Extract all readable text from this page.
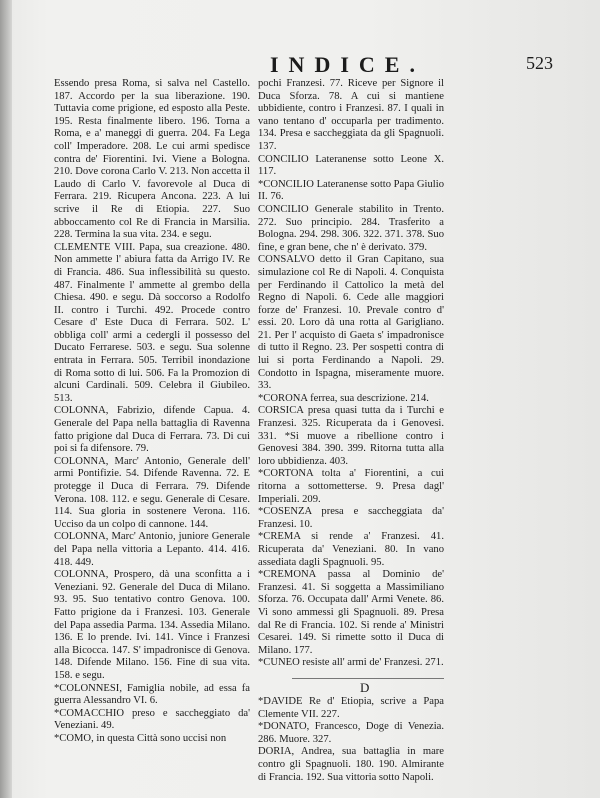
INDICE.	523

Essendo presa Roma, si salva nel Castello. 187. Accordo per la sua liberazione. 190. Tuttavia come prigione, ed esposto alla Peste. 195. Resta finalmente libero. 196. Torna a Roma, e a' maneggi di guerra. 204. Fa Lega coll' Imperadore. 208. Le cui armi spedisce contra de' Fiorentini. Ivi. Viene a Bologna. 210. Dove corona Carlo V. 213. Non accetta il Laudo di Carlo V. favorevole al Duca di Ferrara. 219. Ricupera Ancona. 223. A lui scrive il Re di Etiopia. 227. Suo abboccamento col Re di Francia in Marsilia. 228. Termina la sua vita. 234. e segu.

CLEMENTE VIII. Papa, sua creazione. 480. Non ammette l' abiura fatta da Arrigo IV. Re di Francia. 486. Sua inflessibilità su questo. 487. Finalmente l' ammette al grembo della Chiesa. 490. e segu. Dà soccorso a Rodolfo II. contro i Turchi. 492. Procede contro Cesare d' Este Duca di Ferrara. 502. L' obbliga coll' armi a cedergli il possesso del Ducato Ferrarese. 503. e segu. Sua solenne entrata in Ferrara. 505. Terribil inondazione di Roma sotto di lui. 506. Fa la Promozion di alcuni Cardinali. 509. Celebra il Giubileo. 513.

COLONNA, Fabrizio, difende Capua. 4. Generale del Papa nella battaglia di Ravenna fatto prigione dal Duca di Ferrara. 73. Di cui poi si fa difensore. 79.

COLONNA, Marc' Antonio, Generale dell' armi Pontifizie. 54. Difende Ravenna. 72. E protegge il Duca di Ferrara. 79. Difende Verona. 108. 112. e segu. Generale di Cesare. 114. Sua gloria in sostenere Verona. 116. Ucciso da un colpo di cannone. 144.

COLONNA, Marc' Antonio, juniore Generale del Papa nella vittoria a Lepanto. 414. 416. 418. 449.

COLONNA, Prospero, dà una sconfitta a i Veneziani. 92. Generale del Duca di Milano. 93. 95. Suo tentativo contro Genova. 100. Fatto prigione da i Franzesi. 103. Generale del Papa assedia Parma. 134. Assedia Milano. 136. E lo prende. Ivi. 141. Vince i Franzesi alla Bicocca. 147. S' impadronisce di Genova. 148. Difende Milano. 156. Fine di sua vita. 158. e segu.

*COLONNESI, Famiglia nobile, ad essa fa guerra Alessandro VI. 6.

*COMACCHIO preso e saccheggiato da' Veneziani. 49.

*COMO, in questa Città sono uccisi non

pochi Franzesi. 77. Riceve per Signore il Duca Sforza. 78. A cui si mantiene ubbidiente, contro i Franzesi. 87. I quali in vano tentano d' occuparla per tradimento. 134. Presa e saccheggiata da gli Spagnuoli. 137.

CONCILIO Lateranense sotto Leone X. 117.

*CONCILIO Lateranense sotto Papa Giulio II. 76.

CONCILIO Generale stabilito in Trento. 272. Suo principio. 284. Trasferito a Bologna. 294. 298. 306. 322. 371. 378. Suo fine, e gran bene, che n' è derivato. 379.

CONSALVO detto il Gran Capitano, sua simulazione col Re di Napoli. 4. Conquista per Ferdinando il Cattolico la metà del Regno di Napoli. 6. Cede alle maggiori forze de' Franzesi. 10. Prevale contro d' essi. 20. Loro dà una rotta al Garigliano. 21. Per l' acquisto di Gaeta s' impadronisce di tutto il Regno. 23. Per sospetti contra di lui si porta Ferdinando a Napoli. 29. Condotto in Ispagna, miseramente muore. 33.

*CORONA ferrea, sua descrizione. 214.

CORSICA presa quasi tutta da i Turchi e Franzesi. 325. Ricuperata da i Genovesi. 331. *Si muove a ribellione contro i Genovesi 384. 390. 399. Ritorna tutta alla loro ubbidienza. 403.

*CORTONA tolta a' Fiorentini, a cui ritorna a sottometterse. 9. Presa dagl' Imperiali. 209.

*COSENZA presa e saccheggiata da' Franzesi. 10.

*CREMA si rende a' Franzesi. 41. Ricuperata da' Veneziani. 80. In vano assediata dagli Spagnuoli. 95.

*CREMONA passa al Dominio de' Franzesi. 41. Si soggetta a Massimiliano Sforza. 76. Occupata dall' Armi Venete. 86. Vi sono ammessi gli Spagnuoli. 89. Presa dal Re di Francia. 102. Si rende a' Ministri Cesarei. 149. Si rimette sotto il Duca di Milano. 177.

*CUNEO resiste all' armi de' Franzesi. 271.

D

*DAVIDE Re d' Etiopia, scrive a Papa Clemente VII. 227.

*DONATO, Francesco, Doge di Venezia. 286. Muore. 327.

DORIA, Andrea, sua battaglia in mare contro gli Spagnuoli. 180. 190. Almirante di Francia. 192. Sua vittoria sotto Napoli.
